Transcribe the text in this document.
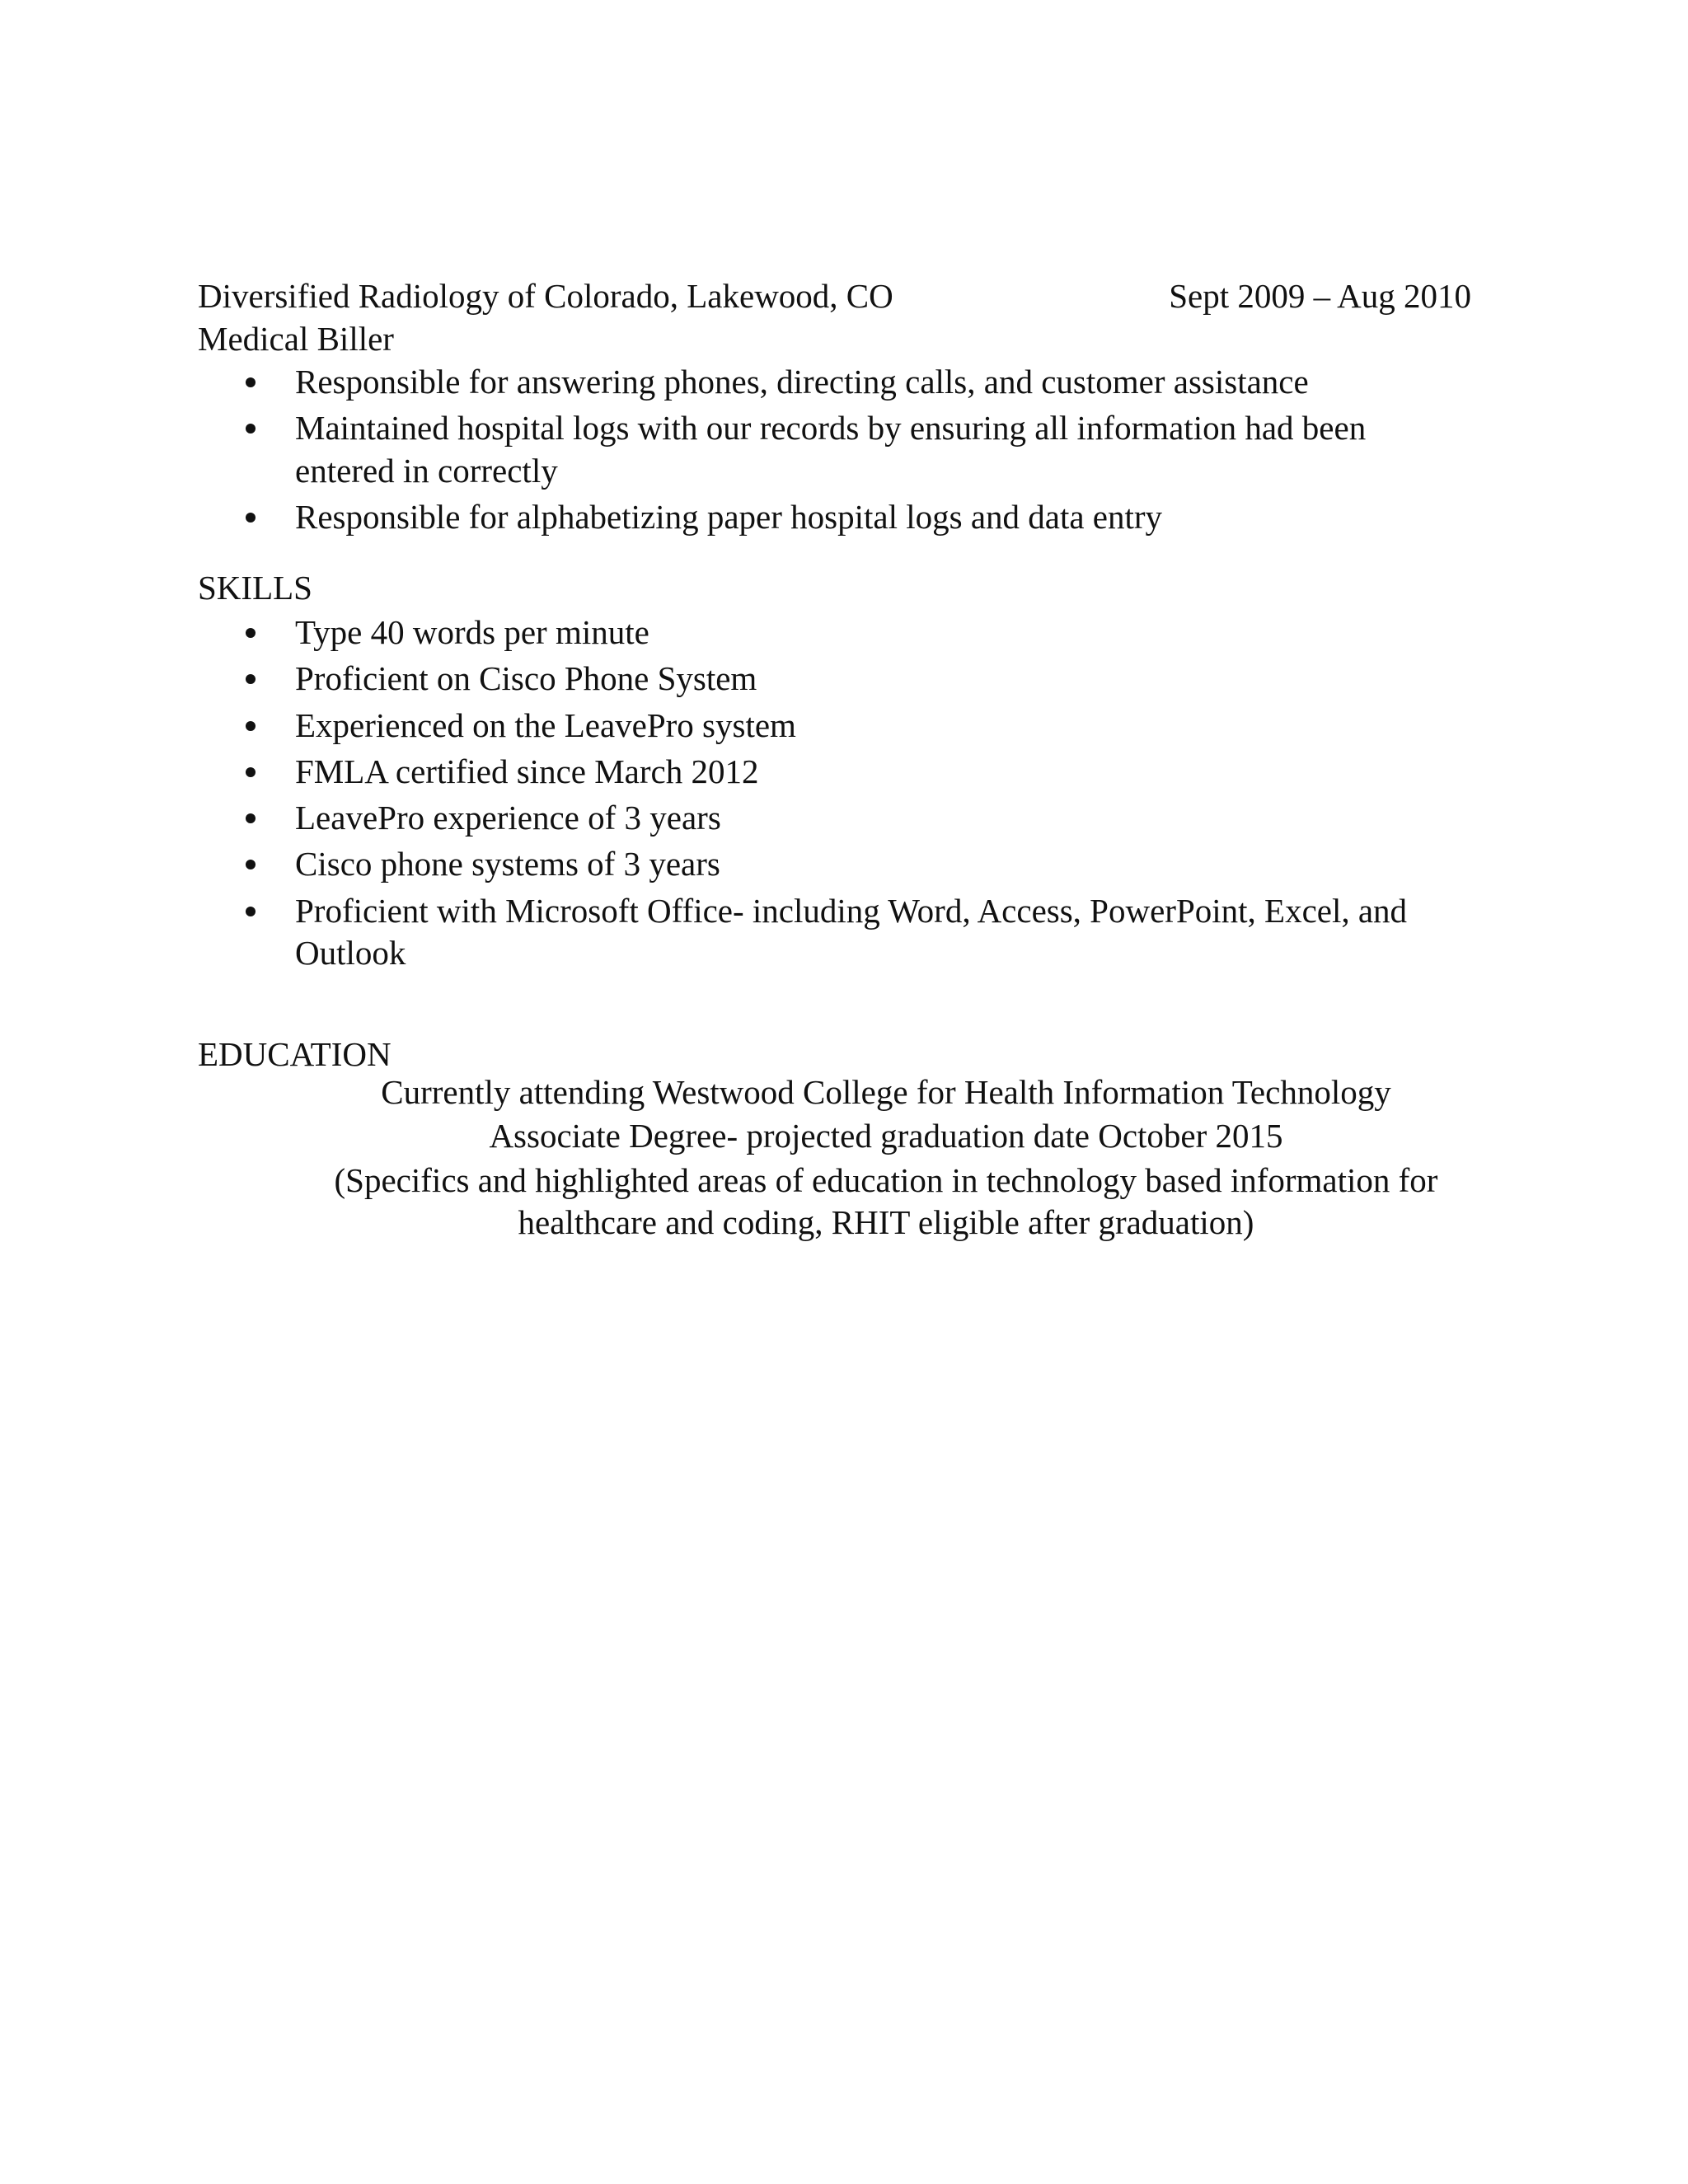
Diversified Radiology of Colorado, Lakewood, CO	Sept 2009 – Aug 2010
Medical Biller
Responsible for answering phones, directing calls, and customer assistance
Maintained hospital logs with our records by ensuring all information had been entered in correctly
Responsible for alphabetizing paper hospital logs and data entry
SKILLS
Type 40 words per minute
Proficient on Cisco Phone System
Experienced on the LeavePro system
FMLA certified since March 2012
LeavePro experience of 3 years
Cisco phone systems of 3 years
Proficient with Microsoft Office- including Word, Access, PowerPoint, Excel, and Outlook
EDUCATION
Currently attending Westwood College for Health Information Technology
Associate Degree- projected graduation date October 2015
(Specifics and highlighted areas of education in technology based information for healthcare and coding, RHIT eligible after graduation)
